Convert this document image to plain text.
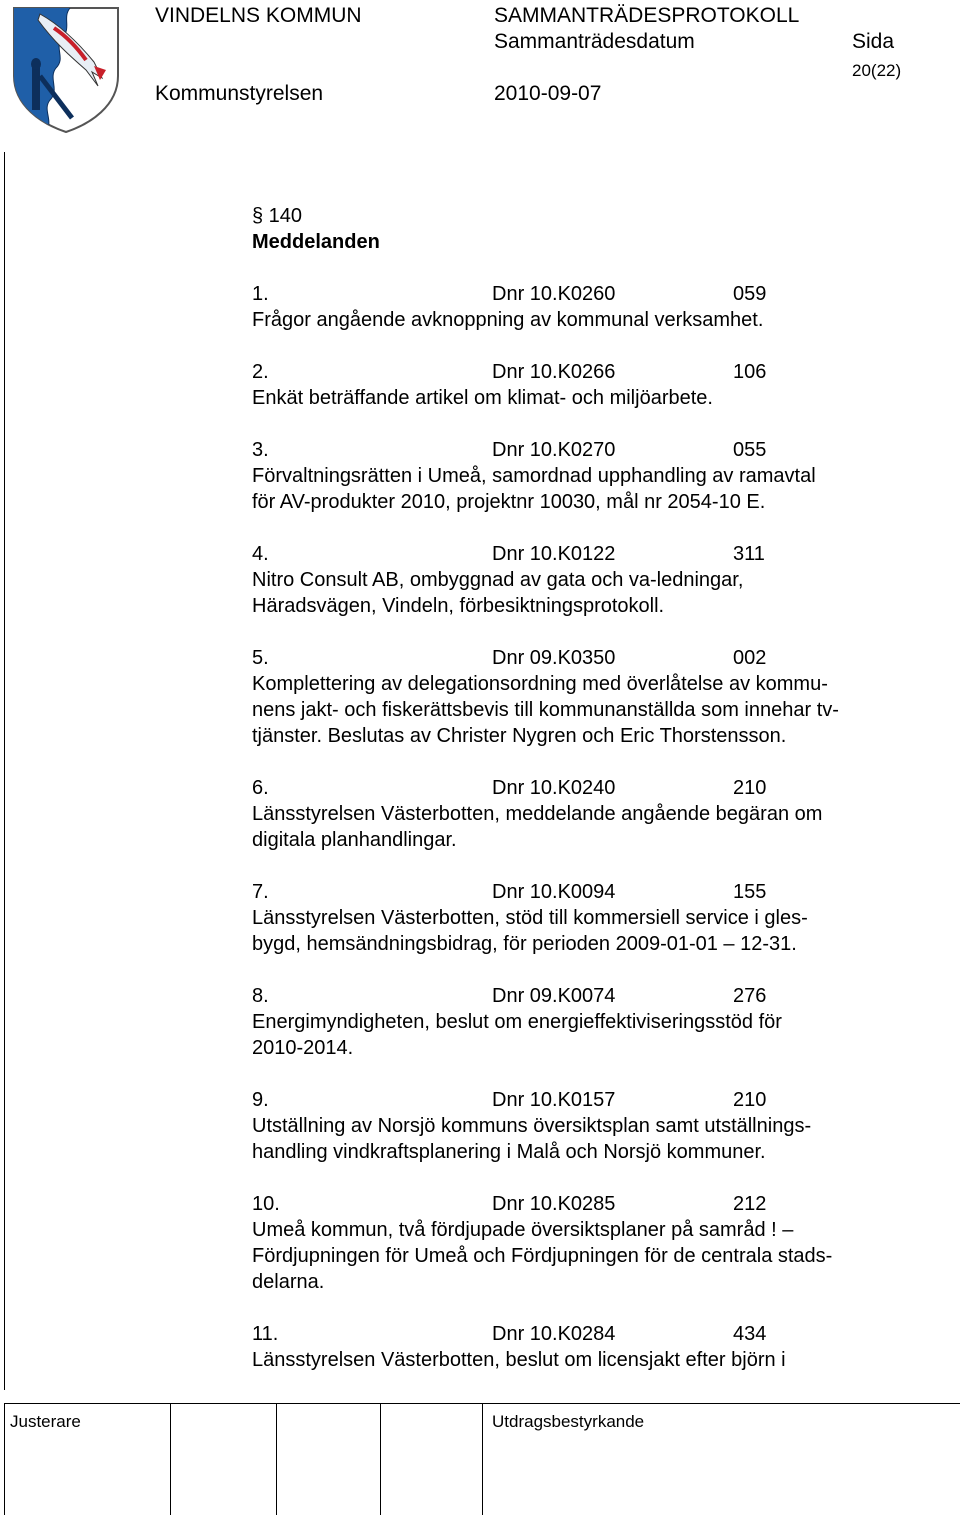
VINDELNS KOMMUN	SAMMANTRÄDESPROTOKOLL
Sammanträdesdatum	Sida
20(22)
Kommunstyrelsen	2010-09-07
§ 140
Meddelanden
1.	Dnr 10.K0260	059
Frågor angående avknoppning av kommunal verksamhet.
2.	Dnr 10.K0266	106
Enkät beträffande artikel om klimat- och miljöarbete.
3.	Dnr 10.K0270	055
Förvaltningsrätten i Umeå, samordnad upphandling av ramavtal
för AV-produkter 2010, projektnr 10030, mål nr 2054-10 E.
4.	Dnr 10.K0122	311
Nitro Consult AB, ombyggnad av gata och va-ledningar,
Häradsvägen, Vindeln, förbesiktningsprotokoll.
5.	Dnr 09.K0350	002
Komplettering av delegationsordning med överlåtelse av kommu-
nens jakt- och fiskerättsbevis till kommunanställda som innehar tv-
tjänster. Beslutas av Christer Nygren och Eric Thorstensson.
6.	Dnr 10.K0240	210
Länsstyrelsen Västerbotten, meddelande angående begäran om
digitala planhandlingar.
7.	Dnr 10.K0094	155
Länsstyrelsen Västerbotten, stöd till kommersiell service i gles-
bygd, hemsändningsbidrag, för perioden 2009-01-01 – 12-31.
8.	Dnr 09.K0074	276
Energimyndigheten, beslut om energieffektiviseringsstöd för
2010-2014.
9.	Dnr 10.K0157	210
Utställning av Norsjö kommuns översiktsplan samt utställnings-
handling vindkraftsplanering i Malå och Norsjö kommuner.
10.	Dnr 10.K0285	212
Umeå kommun, två fördjupade översiktsplaner på samråd ! –
Fördjupningen för Umeå och Fördjupningen för de centrala stads-
delarna.
11.	Dnr 10.K0284	434
Länsstyrelsen Västerbotten, beslut om licensjakt efter björn i
Justerare	Utdragsbestyrkande
